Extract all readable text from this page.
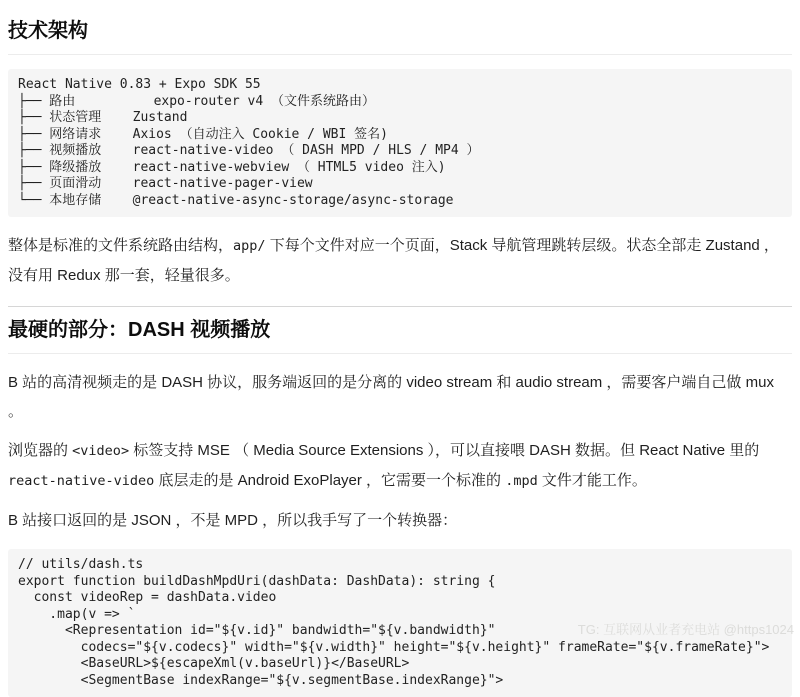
技术架构
React Native 0.83 + Expo SDK 55
├── 路由          expo-router v4 （文件系统路由）
├── 状态管理    Zustand
├── 网络请求    Axios （自动注入 Cookie / WBI 签名)
├── 视频播放    react-native-video （ DASH MPD / HLS / MP4 ）
├── 降级播放    react-native-webview （ HTML5 video 注入)
├── 页面滑动    react-native-pager-view
└── 本地存储    @react-native-async-storage/async-storage

整体是标准的文件系统路由结构，app/ 下每个文件对应一个页面，Stack 导航管理跳转层级。状态全部走 Zustand ，没有用 Redux 那一套，轻量很多。

最硬的部分：DASH 视频播放

B 站的高清视频走的是 DASH 协议，服务端返回的是分离的 video stream 和 audio stream ，需要客户端自己做 mux 。

浏览器的 <video> 标签支持 MSE （ Media Source Extensions ），可以直接喂 DASH 数据。但 React Native 里的 react-native-video 底层走的是 Android ExoPlayer ，它需要一个标准的 .mpd 文件才能工作。

B 站接口返回的是 JSON ，不是 MPD ，所以我手写了一个转换器：

// utils/dash.ts
export function buildDashMpdUri(dashData: DashData): string {
const videoRep = dashData.video
.map(v => `
<Representation id="${v.id}" bandwidth="${v.bandwidth}"
codecs="${v.codecs}" width="${v.width}" height="${v.height}" frameRate="${v.frameRate}">
<BaseURL>${escapeXml(v.baseUrl)}</BaseURL>
<SegmentBase indexRange="${v.segmentBase.indexRange}">
TG: 互联网从业者充电站 @https1024
